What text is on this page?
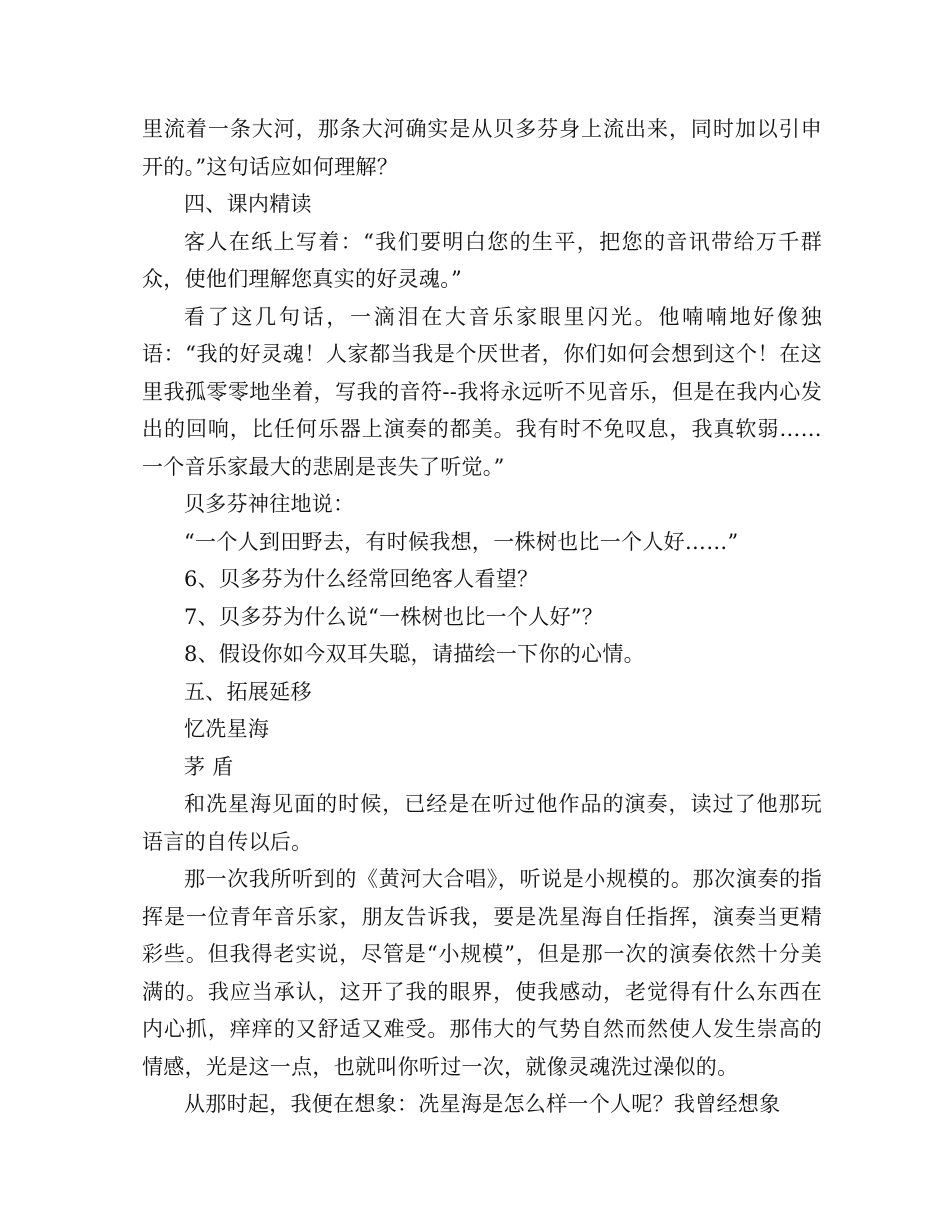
里流着一条大河，那条大河确实是从贝多芬身上流出来，同时加以引申开的。”这句话应如何理解？

四、课内精读

客人在纸上写着：“我们要明白您的生平，把您的音讯带给万千群众，使他们理解您真实的好灵魂。”

看了这几句话，一滴泪在大音乐家眼里闪光。他喃喃地好像独语：“我的好灵魂！人家都当我是个厌世者，你们如何会想到这个！在这里我孤零零地坐着，写我的音符--我将永远听不见音乐，但是在我内心发出的回响，比任何乐器上演奏的都美。我有时不免叹息，我真软弱……一个音乐家最大的悲剧是丧失了听觉。”

贝多芬神往地说：

“一个人到田野去，有时候我想，一株树也比一个人好……”

6、贝多芬为什么经常回绝客人看望？

7、贝多芬为什么说“一株树也比一个人好”？

8、假设你如今双耳失聪，请描绘一下你的心情。

五、拓展延移

忆冼星海

茅 盾

和冼星海见面的时候，已经是在听过他作品的演奏，读过了他那玩语言的自传以后。

那一次我所听到的《黄河大合唱》，听说是小规模的。那次演奏的指挥是一位青年音乐家，朋友告诉我，要是冼星海自任指挥，演奏当更精彩些。但我得老实说，尽管是“小规模”，但是那一次的演奏依然十分美满的。我应当承认，这开了我的眼界，使我感动，老觉得有什么东西在内心抓，痒痒的又舒适又难受。那伟大的气势自然而然使人发生崇高的情感，光是这一点，也就叫你听过一次，就像灵魂洗过澡似的。

从那时起，我便在想象：冼星海是怎么样一个人呢？我曾经想象
